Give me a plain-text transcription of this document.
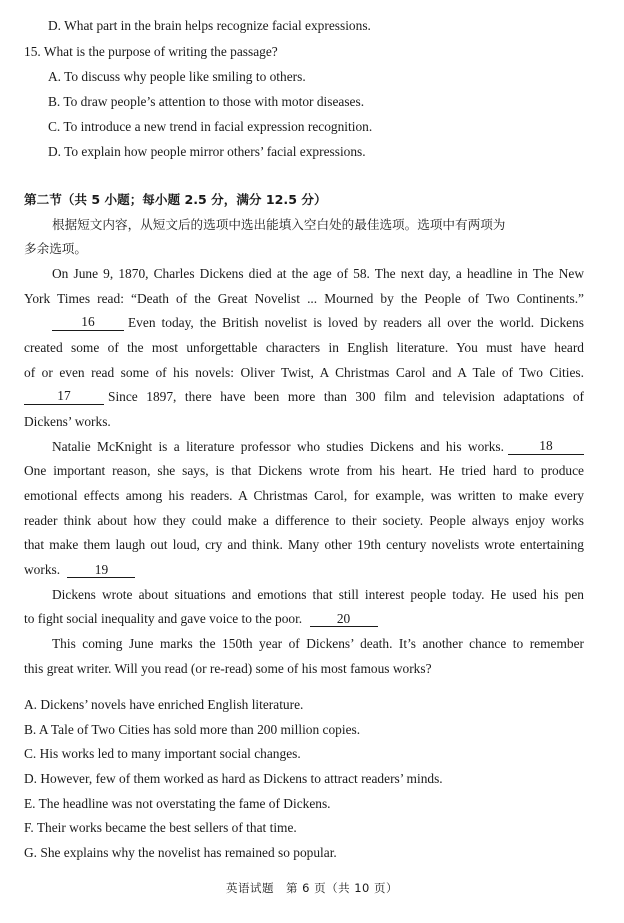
D. What part in the brain helps recognize facial expressions.
15. What is the purpose of writing the passage?
A. To discuss why people like smiling to others.
B. To draw people’s attention to those with motor diseases.
C. To introduce a new trend in facial expression recognition.
D. To explain how people mirror others’ facial expressions.
第二节（共 5 小题；每小题 2.5 分，满分 12.5 分）
根据短文内容，从短文后的选项中选出能填入空白处的最佳选项。选项中有两项为
多余选项。
On June 9, 1870, Charles Dickens died at the age of 58. The next day, a headline in The New
York Times read: “Death of the Great Novelist ... Mourned by the People of Two Continents.”
16	Even today, the British novelist is loved by readers all over the world. Dickens
created some of the most unforgettable characters in English literature. You must have heard
of or even read some of his novels: Oliver Twist, A Christmas Carol and A Tale of Two Cities.
17	Since 1897, there have been more than 300 film and television adaptations of
Dickens’ works.
Natalie McKnight is a literature professor who studies Dickens and his works.	18
One important reason, she says, is that Dickens wrote from his heart. He tried hard to produce
emotional effects among his readers. A Christmas Carol, for example, was written to make every
reader think about how they could make a difference to their society. People always enjoy works
that make them laugh out loud, cry and think. Many other 19th century novelists wrote entertaining
works.	19
Dickens wrote about situations and emotions that still interest people today. He used his pen
to fight social inequality and gave voice to the poor.	20
This coming June marks the 150th year of Dickens’ death. It’s another chance to remember
this great writer. Will you read (or re-read) some of his most famous works?
A. Dickens’ novels have enriched English literature.
B. A Tale of Two Cities has sold more than 200 million copies.
C. His works led to many important social changes.
D. However, few of them worked as hard as Dickens to attract readers’ minds.
E. The headline was not overstating the fame of Dickens.
F. Their works became the best sellers of that time.
G. She explains why the novelist has remained so popular.
英语试题　第 6 页（共 10 页）
